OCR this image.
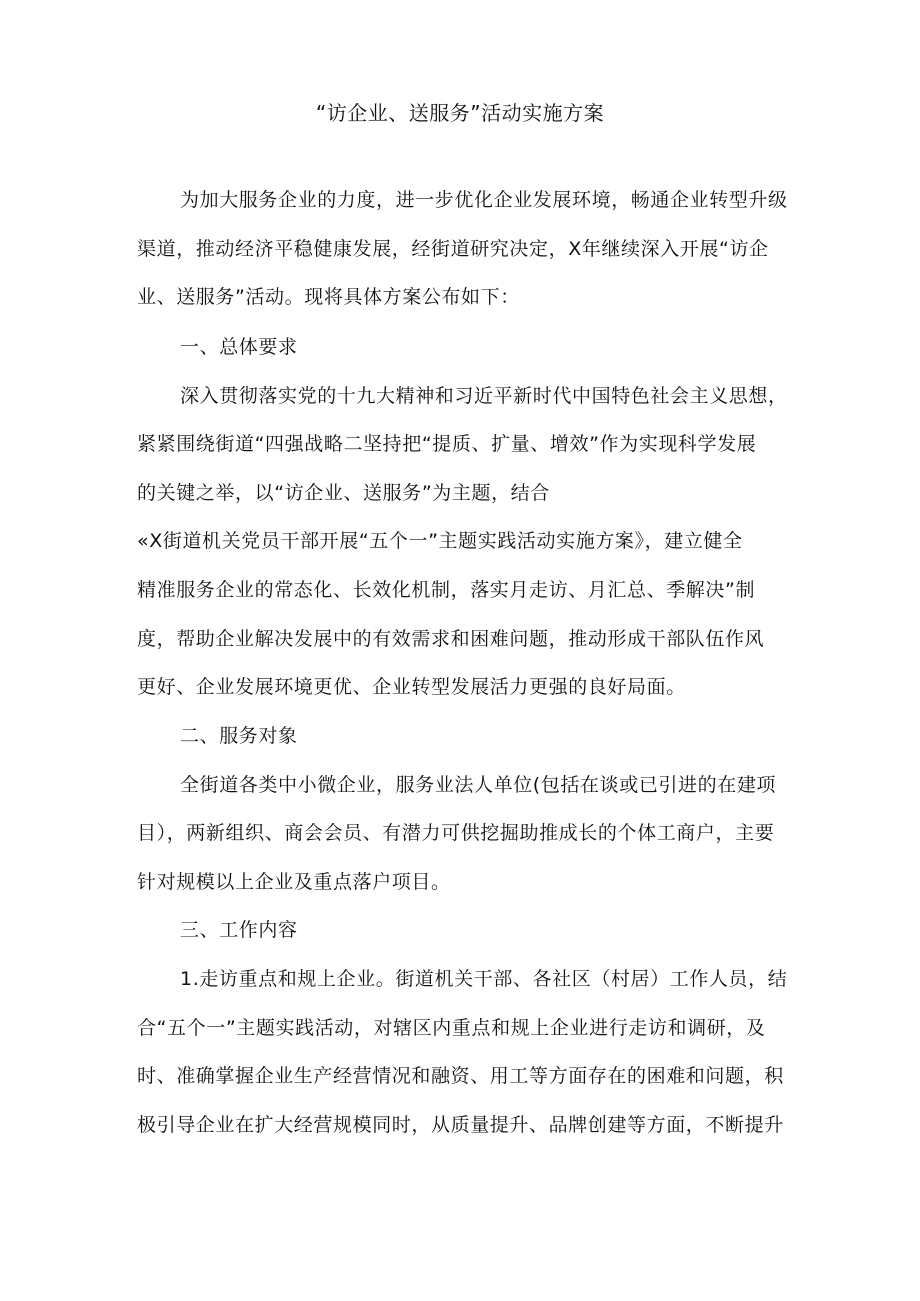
“访企业、送服务”活动实施方案
为加大服务企业的力度，进一步优化企业发展环境，畅通企业转型升级
渠道，推动经济平稳健康发展，经街道研究决定，X年继续深入开展“访企
业、送服务”活动。现将具体方案公布如下：
一、总体要求
深入贯彻落实党的十九大精神和习近平新时代中国特色社会主义思想，
紧紧围绕街道“四强战略二坚持把“提质、扩量、增效”作为实现科学发展
的关键之举，以“访企业、送服务”为主题，结合
«X街道机关党员干部开展“五个一”主题实践活动实施方案》，建立健全
精准服务企业的常态化、长效化机制，落实月走访、月汇总、季解决”制
度，帮助企业解决发展中的有效需求和困难问题，推动形成干部队伍作风
更好、企业发展环境更优、企业转型发展活力更强的良好局面。
二、服务对象
全街道各类中小微企业，服务业法人单位(包括在谈或已引进的在建项
目），两新组织、商会会员、有潜力可供挖掘助推成长的个体工商户，主要
针对规模以上企业及重点落户项目。
三、工作内容
1.走访重点和规上企业。街道机关干部、各社区（村居）工作人员，结
合“五个一”主题实践活动，对辖区内重点和规上企业进行走访和调研，及
时、准确掌握企业生产经营情况和融资、用工等方面存在的困难和问题，积
极引导企业在扩大经营规模同时，从质量提升、品牌创建等方面，不断提升
